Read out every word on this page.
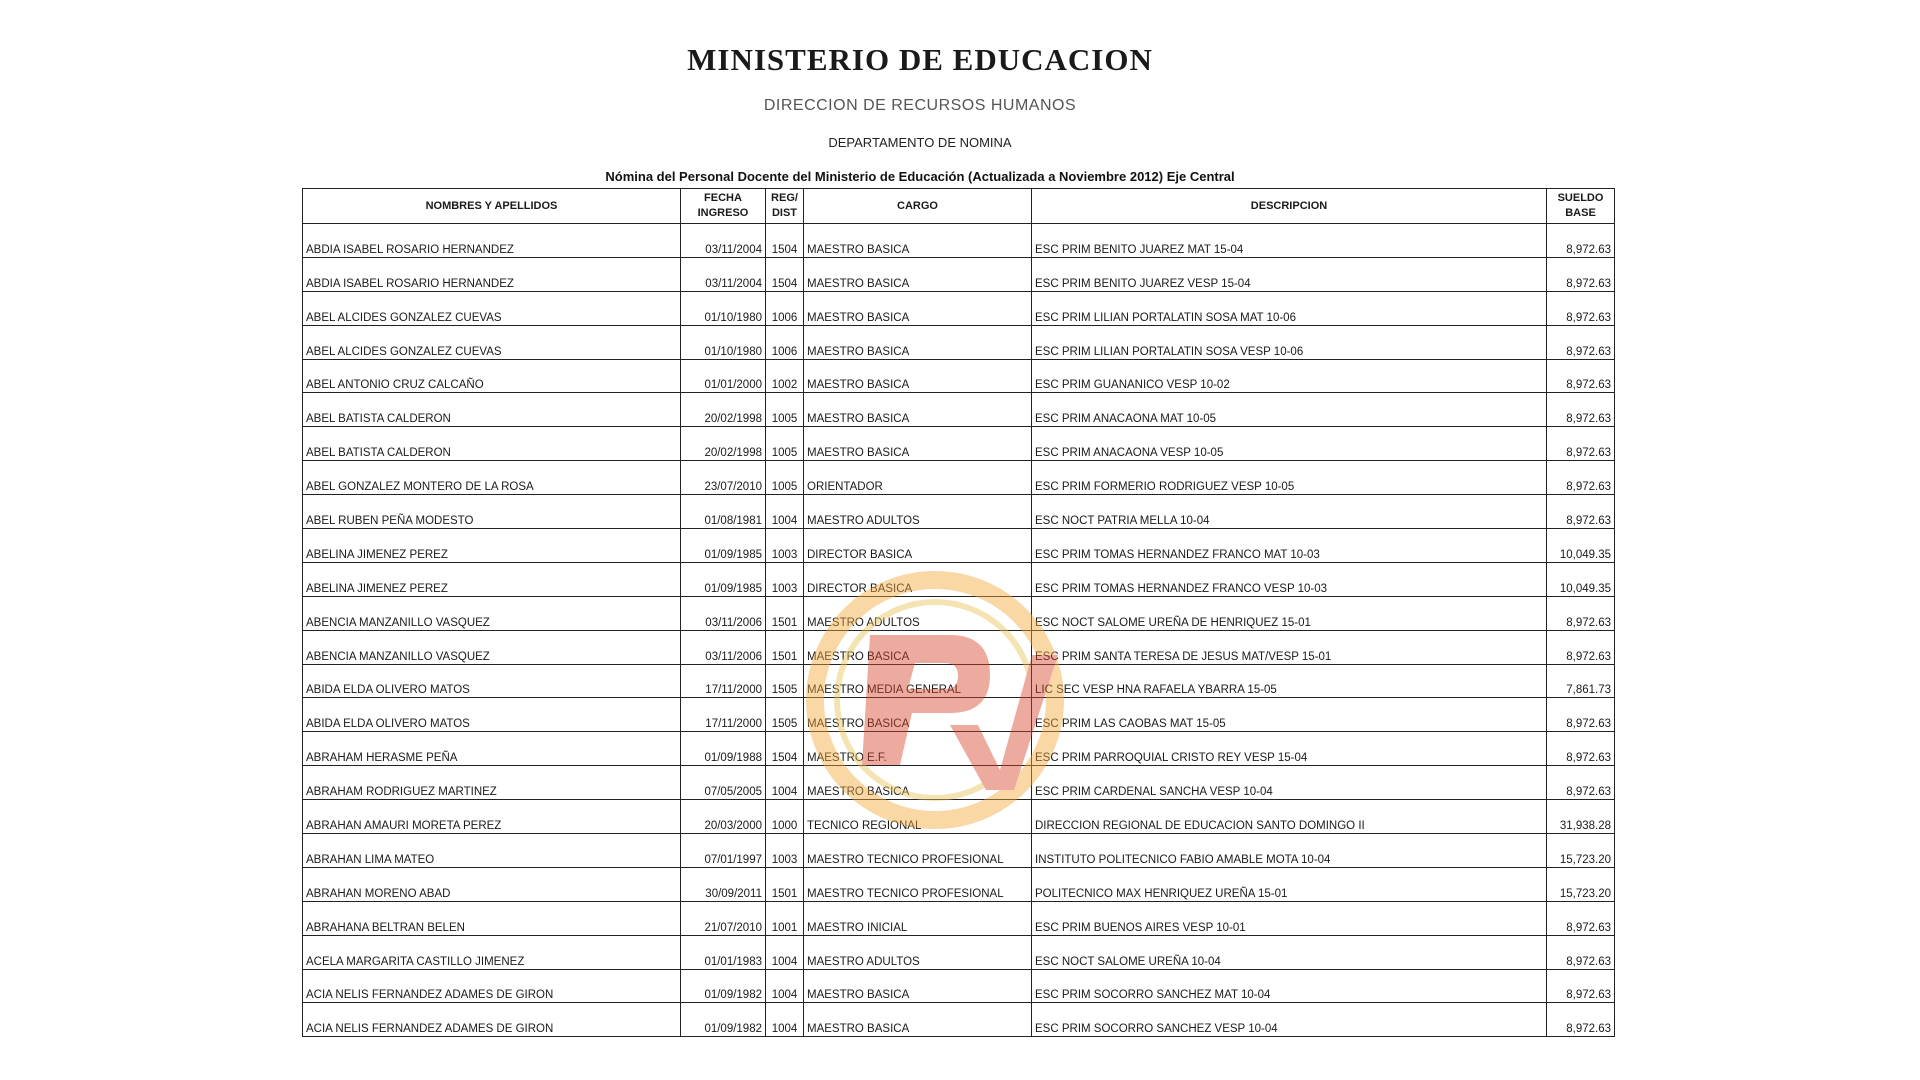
MINISTERIO DE EDUCACION
DIRECCION DE RECURSOS HUMANOS
DEPARTAMENTO DE NOMINA
Nómina del Personal Docente del Ministerio de Educación (Actualizada a Noviembre 2012) Eje Central
NOMBRES Y APELLIDOS	FECHA INGRESO	REG/ DIST	CARGO	DESCRIPCION	SUELDO BASE
ABDIA ISABEL ROSARIO HERNANDEZ	03/11/2004	1504	MAESTRO BASICA	ESC PRIM BENITO JUAREZ MAT 15-04	8,972.63
ABDIA ISABEL ROSARIO HERNANDEZ	03/11/2004	1504	MAESTRO BASICA	ESC PRIM BENITO JUAREZ VESP 15-04	8,972.63
ABEL ALCIDES GONZALEZ CUEVAS	01/10/1980	1006	MAESTRO BASICA	ESC PRIM LILIAN PORTALATIN SOSA MAT 10-06	8,972.63
ABEL ALCIDES GONZALEZ CUEVAS	01/10/1980	1006	MAESTRO BASICA	ESC PRIM LILIAN PORTALATIN SOSA VESP 10-06	8,972.63
ABEL ANTONIO CRUZ CALCAÑO	01/01/2000	1002	MAESTRO BASICA	ESC PRIM GUANANICO VESP 10-02	8,972.63
ABEL BATISTA CALDERON	20/02/1998	1005	MAESTRO BASICA	ESC PRIM ANACAONA MAT 10-05	8,972.63
ABEL BATISTA CALDERON	20/02/1998	1005	MAESTRO BASICA	ESC PRIM ANACAONA VESP 10-05	8,972.63
ABEL GONZALEZ MONTERO DE LA ROSA	23/07/2010	1005	ORIENTADOR	ESC PRIM FORMERIO RODRIGUEZ VESP 10-05	8,972.63
ABEL RUBEN PEÑA MODESTO	01/08/1981	1004	MAESTRO ADULTOS	ESC NOCT PATRIA MELLA 10-04	8,972.63
ABELINA JIMENEZ PEREZ	01/09/1985	1003	DIRECTOR BASICA	ESC PRIM TOMAS HERNANDEZ FRANCO MAT 10-03	10,049.35
ABELINA JIMENEZ PEREZ	01/09/1985	1003	DIRECTOR BASICA	ESC PRIM TOMAS HERNANDEZ FRANCO VESP 10-03	10,049.35
ABENCIA MANZANILLO VASQUEZ	03/11/2006	1501	MAESTRO ADULTOS	ESC NOCT SALOME UREÑA DE HENRIQUEZ 15-01	8,972.63
ABENCIA MANZANILLO VASQUEZ	03/11/2006	1501	MAESTRO BASICA	ESC PRIM SANTA TERESA DE JESUS MAT/VESP 15-01	8,972.63
ABIDA ELDA OLIVERO MATOS	17/11/2000	1505	MAESTRO MEDIA GENERAL	LIC SEC VESP HNA RAFAELA YBARRA 15-05	7,861.73
ABIDA ELDA OLIVERO MATOS	17/11/2000	1505	MAESTRO BASICA	ESC PRIM LAS CAOBAS MAT 15-05	8,972.63
ABRAHAM HERASME PEÑA	01/09/1988	1504	MAESTRO E.F.	ESC PRIM PARROQUIAL CRISTO REY VESP 15-04	8,972.63
ABRAHAM RODRIGUEZ MARTINEZ	07/05/2005	1004	MAESTRO BASICA	ESC PRIM CARDENAL SANCHA VESP 10-04	8,972.63
ABRAHAN AMAURI MORETA PEREZ	20/03/2000	1000	TECNICO REGIONAL	DIRECCION REGIONAL DE EDUCACION SANTO DOMINGO II	31,938.28
ABRAHAN LIMA MATEO	07/01/1997	1003	MAESTRO TECNICO PROFESIONAL	INSTITUTO POLITECNICO FABIO AMABLE MOTA 10-04	15,723.20
ABRAHAN MORENO ABAD	30/09/2011	1501	MAESTRO TECNICO PROFESIONAL	POLITECNICO MAX HENRIQUEZ UREÑA 15-01	15,723.20
ABRAHANA BELTRAN BELEN	21/07/2010	1001	MAESTRO INICIAL	ESC PRIM BUENOS AIRES VESP 10-01	8,972.63
ACELA MARGARITA CASTILLO JIMENEZ	01/01/1983	1004	MAESTRO ADULTOS	ESC NOCT SALOME UREÑA 10-04	8,972.63
ACIA NELIS FERNANDEZ ADAMES DE GIRON	01/09/1982	1004	MAESTRO BASICA	ESC PRIM SOCORRO SANCHEZ MAT 10-04	8,972.63
ACIA NELIS FERNANDEZ ADAMES DE GIRON	01/09/1982	1004	MAESTRO BASICA	ESC PRIM SOCORRO SANCHEZ VESP 10-04	8,972.63
